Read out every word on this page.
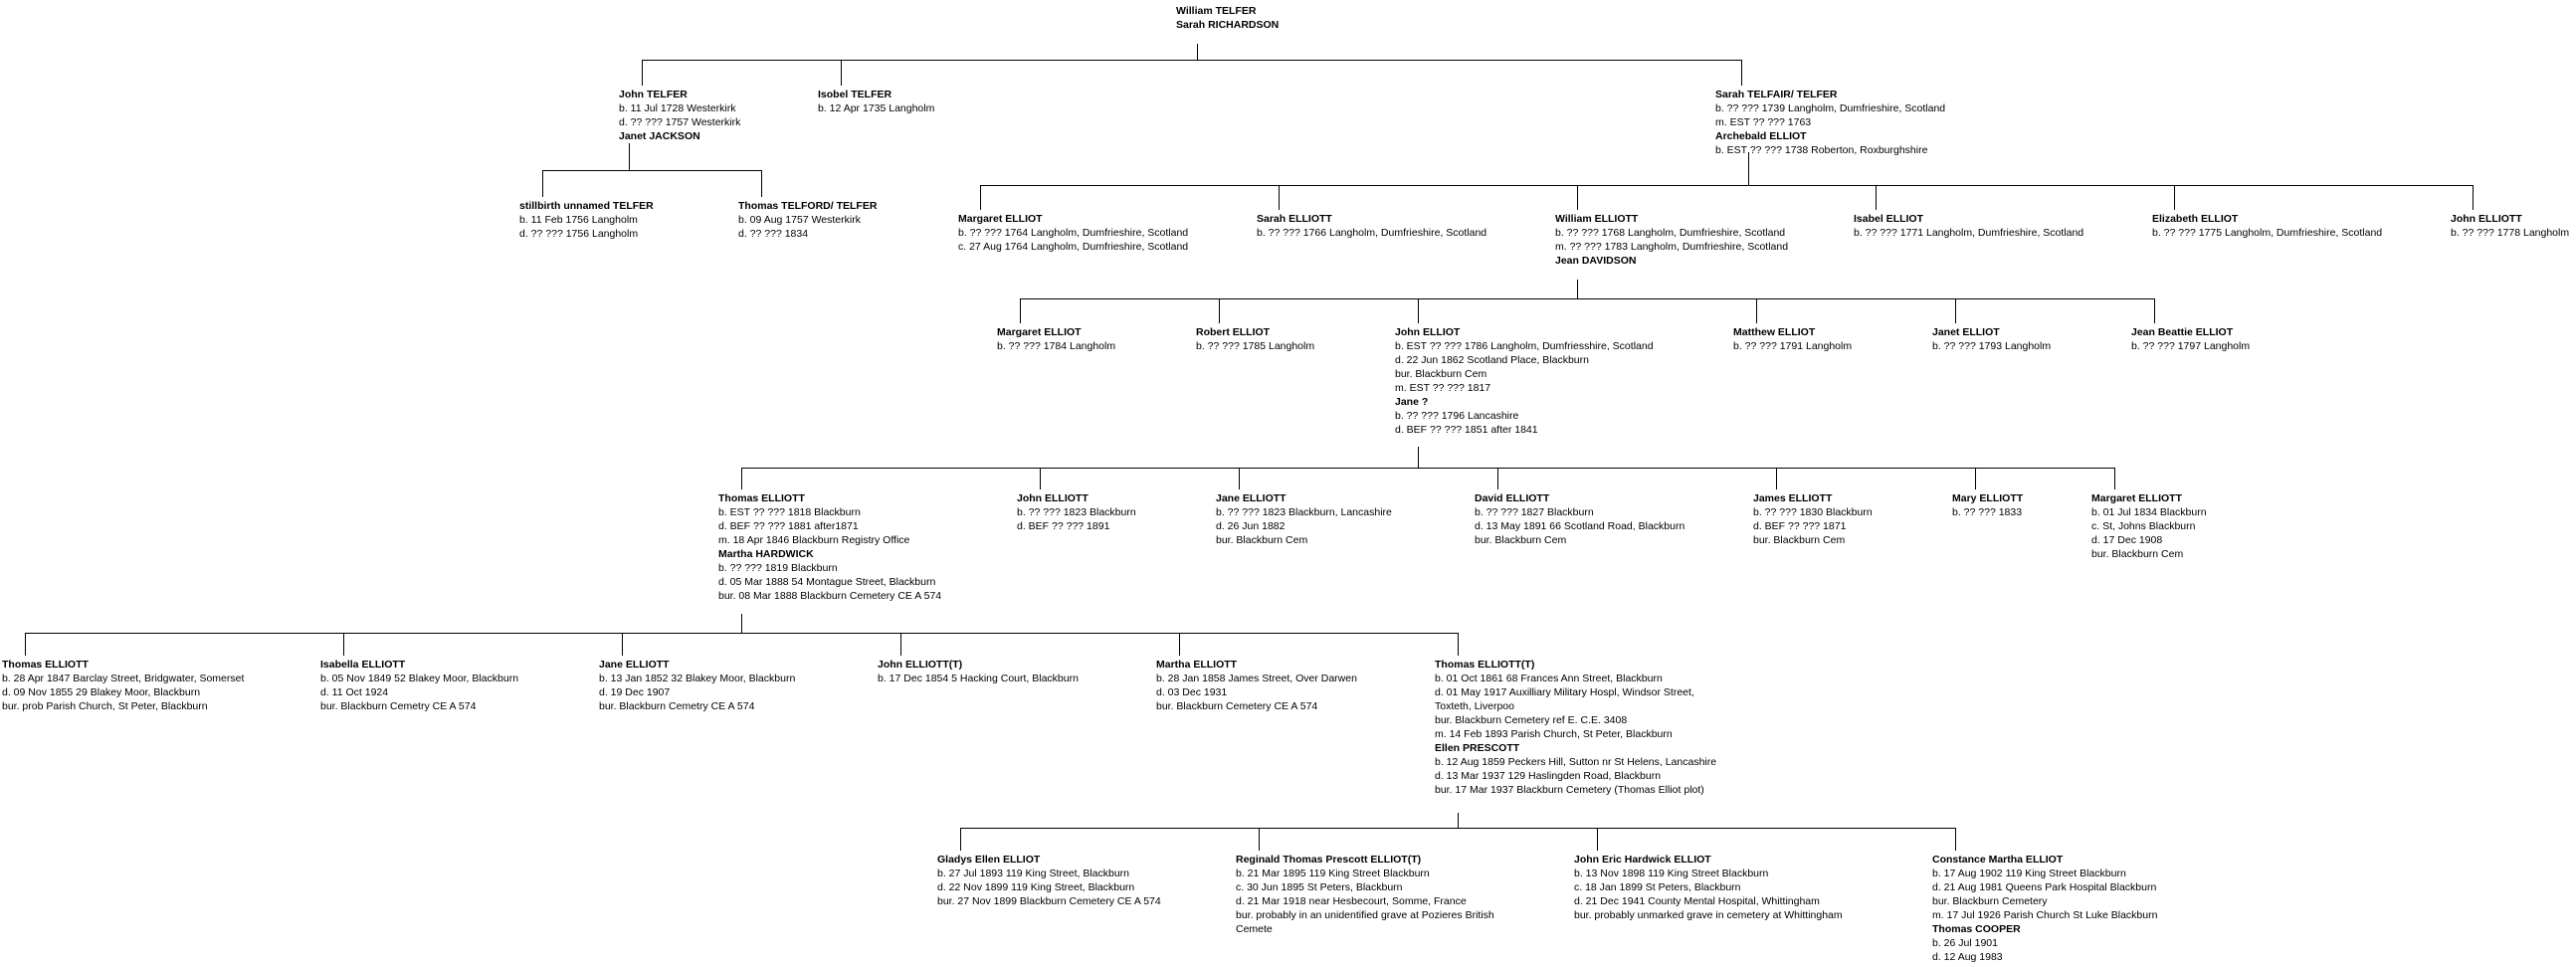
William TELFER
Sarah RICHARDSON
John TELFER
b. 11 Jul 1728 Westerkirk
d. ?? ??? 1757 Westerkirk
Janet JACKSON
Isobel TELFER
b. 12 Apr 1735 Langholm
Sarah TELFAIR/ TELFER
b. ?? ??? 1739 Langholm, Dumfrieshire, Scotland
m. EST ?? ??? 1763
Archebald ELLIOT
b. EST ?? ??? 1738 Roberton, Roxburghshire
stillbirth unnamed TELFER
b. 11 Feb 1756 Langholm
d. ?? ??? 1756 Langholm
Thomas TELFORD/ TELFER
b. 09 Aug 1757 Westerkirk
d. ?? ??? 1834
Margaret ELLIOT
b. ?? ??? 1764 Langholm, Dumfrieshire, Scotland
c. 27 Aug 1764 Langholm, Dumfrieshire, Scotland
Sarah ELLIOTT
b. ?? ??? 1766 Langholm, Dumfrieshire, Scotland
William ELLIOTT
b. ?? ??? 1768 Langholm, Dumfrieshire, Scotland
m. ?? ??? 1783 Langholm, Dumfrieshire, Scotland
Jean DAVIDSON
Isabel ELLIOT
b. ?? ??? 1771 Langholm, Dumfrieshire, Scotland
Elizabeth ELLIOT
b. ?? ??? 1775 Langholm, Dumfrieshire, Scotland
John ELLIOTT
b. ?? ??? 1778 Langholm
Margaret ELLIOT
b. ?? ??? 1784 Langholm
Robert ELLIOT
b. ?? ??? 1785 Langholm
John ELLIOT
b. EST ?? ??? 1786 Langholm, Dumfriesshire, Scotland
d. 22 Jun 1862 Scotland Place, Blackburn
bur. Blackburn Cem
m. EST ?? ??? 1817
Jane ?
b. ?? ??? 1796 Lancashire
d. BEF ?? ??? 1851 after 1841
Matthew ELLIOT
b. ?? ??? 1791 Langholm
Janet ELLIOT
b. ?? ??? 1793 Langholm
Jean Beattie ELLIOT
b. ?? ??? 1797 Langholm
Thomas ELLIOTT
b. EST ?? ??? 1818 Blackburn
d. BEF ?? ??? 1881 after1871
m. 18 Apr 1846 Blackburn Registry Office
Martha HARDWICK
b. ?? ??? 1819 Blackburn
d. 05 Mar 1888 54 Montague Street, Blackburn
bur. 08 Mar 1888 Blackburn Cemetery CE A 574
John ELLIOTT
b. ?? ??? 1823 Blackburn
d. BEF ?? ??? 1891
Jane ELLIOTT
b. ?? ??? 1823 Blackburn, Lancashire
d. 26 Jun 1882
bur. Blackburn Cem
David ELLIOTT
b. ?? ??? 1827 Blackburn
d. 13 May 1891 66 Scotland Road, Blackburn
bur. Blackburn Cem
James ELLIOTT
b. ?? ??? 1830 Blackburn
d. BEF ?? ??? 1871
bur. Blackburn Cem
Mary ELLIOTT
b. ?? ??? 1833
Margaret ELLIOTT
b. 01 Jul 1834 Blackburn
c. St, Johns Blackburn
d. 17 Dec 1908
bur. Blackburn Cem
Thomas ELLIOTT
b. 28 Apr 1847 Barclay Street, Bridgwater, Somerset
d. 09 Nov 1855 29 Blakey Moor, Blackburn
bur. prob Parish Church, St Peter, Blackburn
Isabella ELLIOTT
b. 05 Nov 1849 52 Blakey Moor, Blackburn
d. 11 Oct 1924
bur. Blackburn Cemetry CE A 574
Jane ELLIOTT
b. 13 Jan 1852 32 Blakey Moor, Blackburn
d. 19 Dec 1907
bur. Blackburn Cemetry CE A 574
John ELLIOTT(T)
b. 17 Dec 1854 5 Hacking Court, Blackburn
Martha ELLIOTT
b. 28 Jan 1858 James Street, Over Darwen
d. 03 Dec 1931
bur. Blackburn Cemetery CE A 574
Thomas ELLIOTT(T)
b. 01 Oct 1861 68 Frances Ann Street, Blackburn
d. 01 May 1917 Auxilliary Military Hospl, Windsor Street,
Toxteth, Liverpoo
bur. Blackburn Cemetery ref E. C.E. 3408
m. 14 Feb 1893 Parish Church, St Peter, Blackburn
Ellen PRESCOTT
b. 12 Aug 1859 Peckers Hill, Sutton nr St Helens, Lancashire
d. 13 Mar 1937 129 Haslingden Road, Blackburn
bur. 17 Mar 1937 Blackburn Cemetery (Thomas Elliot plot)
Gladys Ellen ELLIOT
b. 27 Jul 1893 119 King Street, Blackburn
d. 22 Nov 1899 119 King Street, Blackburn
bur. 27 Nov 1899 Blackburn Cemetery CE A 574
Reginald Thomas Prescott ELLIOT(T)
b. 21 Mar 1895 119 King Street Blackburn
c. 30 Jun 1895 St Peters, Blackburn
d. 21 Mar 1918 near Hesbecourt, Somme, France
bur. probably in an unidentified grave at Pozieres British
Cemete
John Eric Hardwick ELLIOT
b. 13 Nov 1898 119 King Street Blackburn
c. 18 Jan 1899 St Peters, Blackburn
d. 21 Dec 1941 County Mental Hospital, Whittingham
bur. probably unmarked grave in cemetery at Whittingham
Constance Martha ELLIOT
b. 17 Aug 1902 119 King Street Blackburn
d. 21 Aug 1981 Queens Park Hospital Blackburn
bur. Blackburn Cemetery
m. 17 Jul 1926 Parish Church St Luke Blackburn
Thomas COOPER
b. 26 Jul 1901
d. 12 Aug 1983
